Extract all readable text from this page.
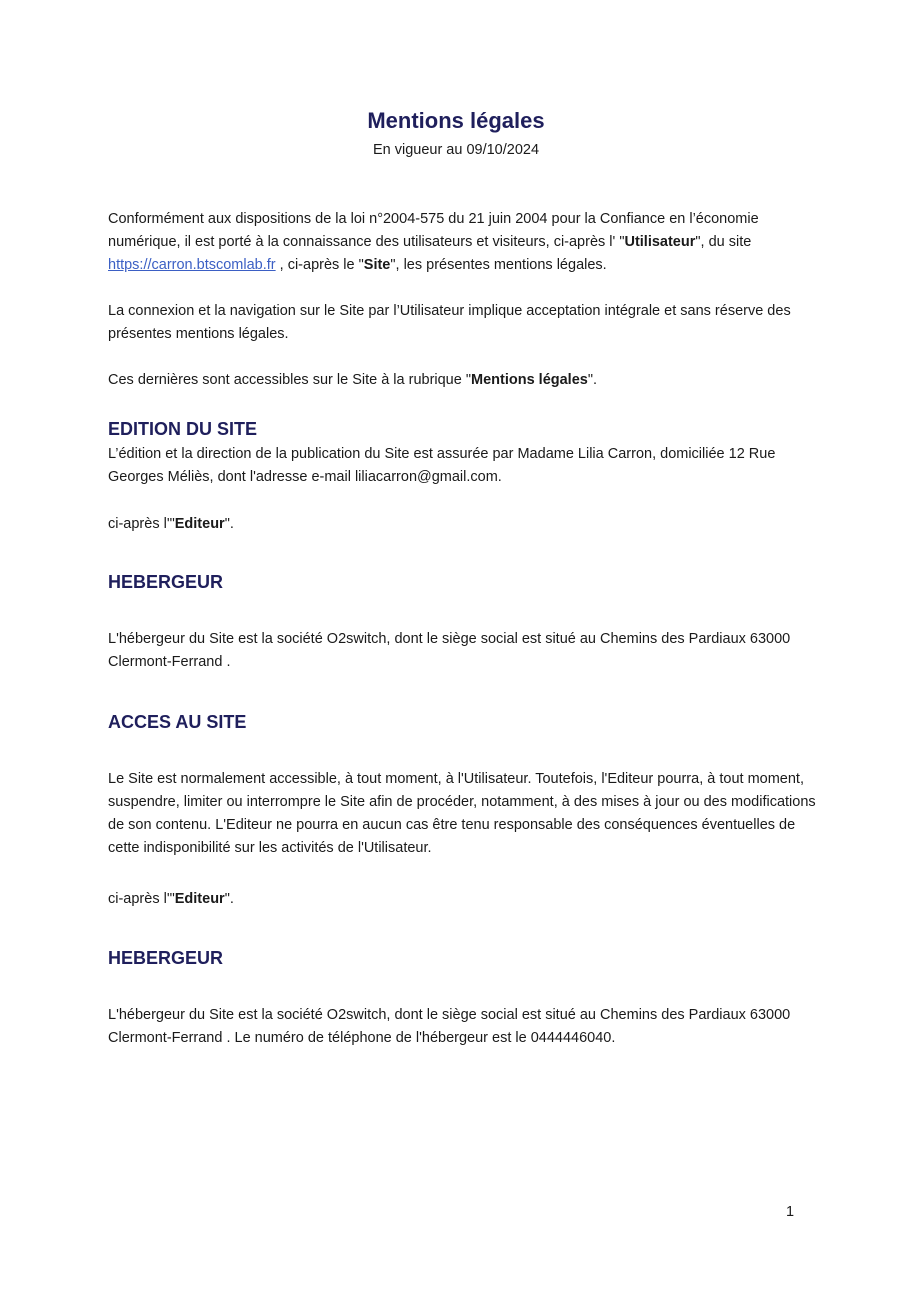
Mentions légales

En vigueur au 09/10/2024

Conformément aux dispositions de la loi n°2004-575 du 21 juin 2004 pour la Confiance en l’économie numérique, il est porté à la connaissance des utilisateurs et visiteurs, ci-après l' "Utilisateur", du site https://carron.btscomlab.fr , ci-après le "Site", les présentes mentions légales.

La connexion et la navigation sur le Site par l’Utilisateur implique acceptation intégrale et sans réserve des présentes mentions légales.

Ces dernières sont accessibles sur le Site à la rubrique "Mentions légales".

EDITION DU SITE

L’édition et la direction de la publication du Site est assurée par Madame Lilia Carron, domiciliée 12 Rue Georges Méliès, dont l'adresse e-mail liliacarron@gmail.com.

ci-après l'"Editeur".

HEBERGEUR

L'hébergeur du Site est la société O2switch, dont le siège social est situé au Chemins des Pardiaux 63000 Clermont-Ferrand .

ACCES AU SITE

Le Site est normalement accessible, à tout moment, à l'Utilisateur. Toutefois, l'Editeur pourra, à tout moment, suspendre, limiter ou interrompre le Site afin de procéder, notamment, à des mises à jour ou des modifications de son contenu. L'Editeur ne pourra en aucun cas être tenu responsable des conséquences éventuelles de cette indisponibilité sur les activités de l'Utilisateur.

ci-après l'"Editeur".

HEBERGEUR

L'hébergeur du Site est la société O2switch, dont le siège social est situé au Chemins des Pardiaux 63000 Clermont-Ferrand . Le numéro de téléphone de l'hébergeur est le 0444446040.

1
